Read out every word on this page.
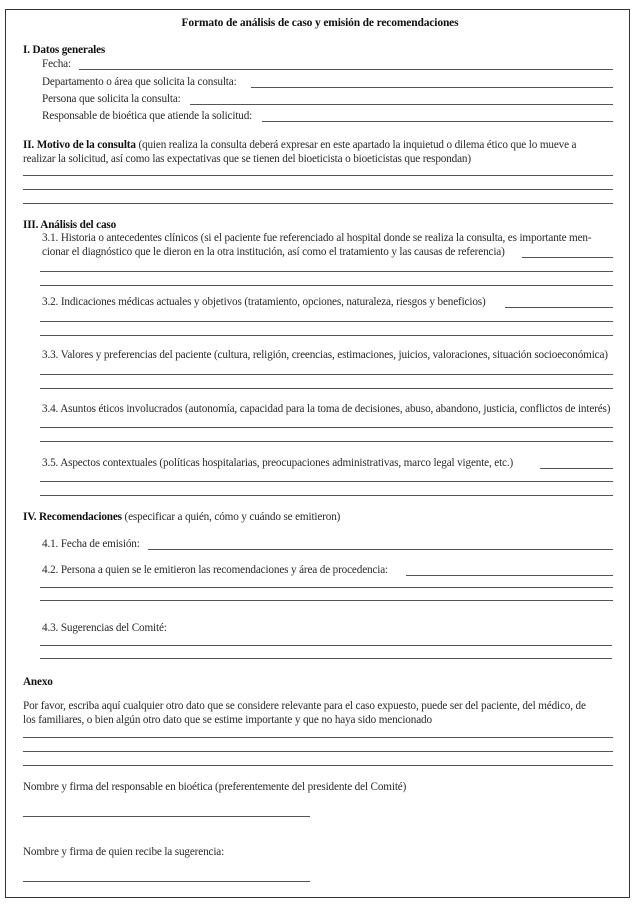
Formato de análisis de caso y emisión de recomendaciones
I. Datos generales
Fecha:
Departamento o área que solicita la consulta:
Persona que solicita la consulta:
Responsable de bioética que atiende la solicitud:
II. Motivo de la consulta (quien realiza la consulta deberá expresar en este apartado la inquietud o dilema ético que lo mueve a
realizar la solicitud, así como las expectativas que se tienen del bioeticista o bioeticistas que respondan)
III. Análisis del caso
3.1. Historia o antecedentes clínicos (si el paciente fue referenciado al hospital donde se realiza la consulta, es importante men-
cionar el diagnóstico que le dieron en la otra institución, así como el tratamiento y las causas de referencia)
3.2. Indicaciones médicas actuales y objetivos (tratamiento, opciones, naturaleza, riesgos y beneficios)
3.3. Valores y preferencias del paciente (cultura, religión, creencias, estimaciones, juicios, valoraciones, situación socioeconómica)
3.4. Asuntos éticos involucrados (autonomía, capacidad para la toma de decisiones, abuso, abandono, justicia, conflictos de interés)
3.5. Aspectos contextuales (políticas hospitalarias, preocupaciones administrativas, marco legal vigente, etc.)
IV. Recomendaciones (especificar a quién, cómo y cuándo se emitieron)
4.1. Fecha de emisión:
4.2. Persona a quien se le emitieron las recomendaciones y área de procedencia:
4.3. Sugerencias del Comité:
Anexo
Por favor, escriba aquí cualquier otro dato que se considere relevante para el caso expuesto, puede ser del paciente, del médico, de
los familiares, o bien algún otro dato que se estime importante y que no haya sido mencionado
Nombre y firma del responsable en bioética (preferentemente del presidente del Comité)
Nombre y firma de quien recibe la sugerencia:
